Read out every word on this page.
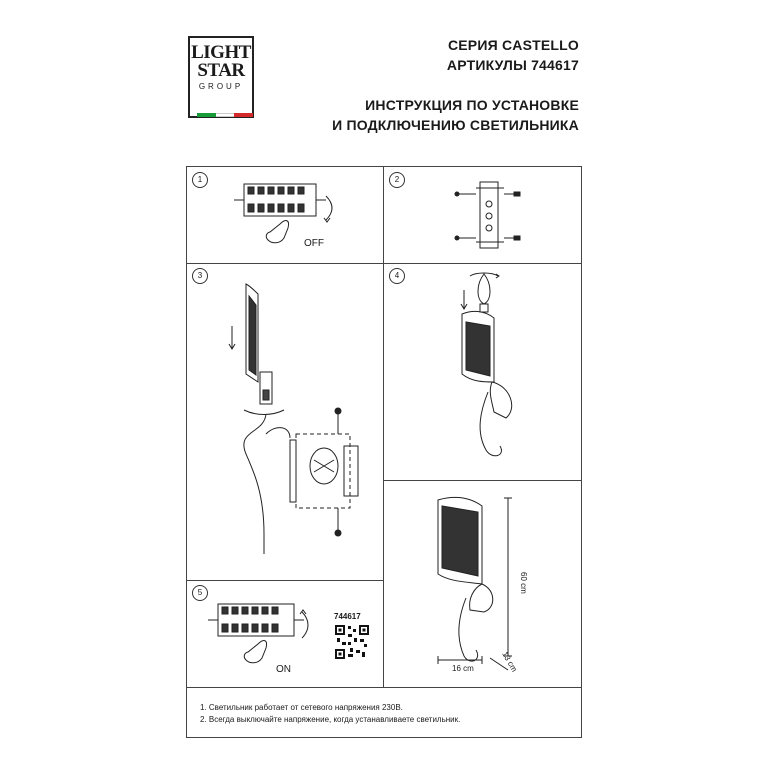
LIGHT
STAR
GROUP
СЕРИЯ CASTELLO
АРТИКУЛЫ 744617
ИНСТРУКЦИЯ ПО УСТАНОВКЕ
И ПОДКЛЮЧЕНИЮ СВЕТИЛЬНИКА
1	2
3	4
5
OFF
60 cm
16 cm	13 cm
ON
744617
1. Светильник работает от сетевого напряжения 230В.
2. Всегда выключайте напряжение, когда устанавливаете светильник.
